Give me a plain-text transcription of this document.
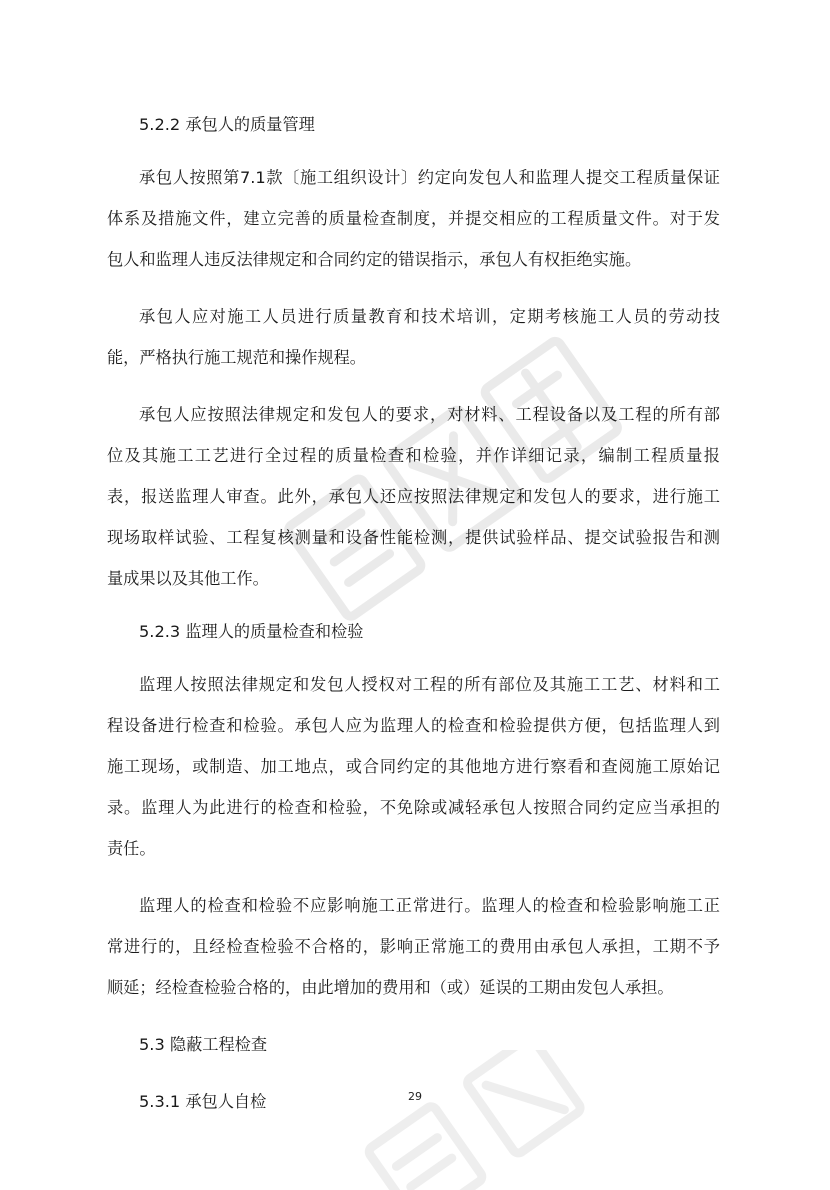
5.2.2 承包人的质量管理
承包人按照第7.1款〔施工组织设计〕约定向发包人和监理人提交工程质量保证
体系及措施文件，建立完善的质量检查制度，并提交相应的工程质量文件。对于发
包人和监理人违反法律规定和合同约定的错误指示，承包人有权拒绝实施。
承包人应对施工人员进行质量教育和技术培训，定期考核施工人员的劳动技
能，严格执行施工规范和操作规程。
承包人应按照法律规定和发包人的要求，对材料、工程设备以及工程的所有部
位及其施工工艺进行全过程的质量检查和检验，并作详细记录，编制工程质量报
表，报送监理人审查。此外，承包人还应按照法律规定和发包人的要求，进行施工
现场取样试验、工程复核测量和设备性能检测，提供试验样品、提交试验报告和测
量成果以及其他工作。
5.2.3 监理人的质量检查和检验
监理人按照法律规定和发包人授权对工程的所有部位及其施工工艺、材料和工
程设备进行检查和检验。承包人应为监理人的检查和检验提供方便，包括监理人到
施工现场，或制造、加工地点，或合同约定的其他地方进行察看和查阅施工原始记
录。监理人为此进行的检查和检验，不免除或减轻承包人按照合同约定应当承担的
责任。
监理人的检查和检验不应影响施工正常进行。监理人的检查和检验影响施工正
常进行的，且经检查检验不合格的，影响正常施工的费用由承包人承担，工期不予
顺延；经检查检验合格的，由此增加的费用和（或）延误的工期由发包人承担。
5.3 隐蔽工程检查
5.3.1 承包人自检	29
